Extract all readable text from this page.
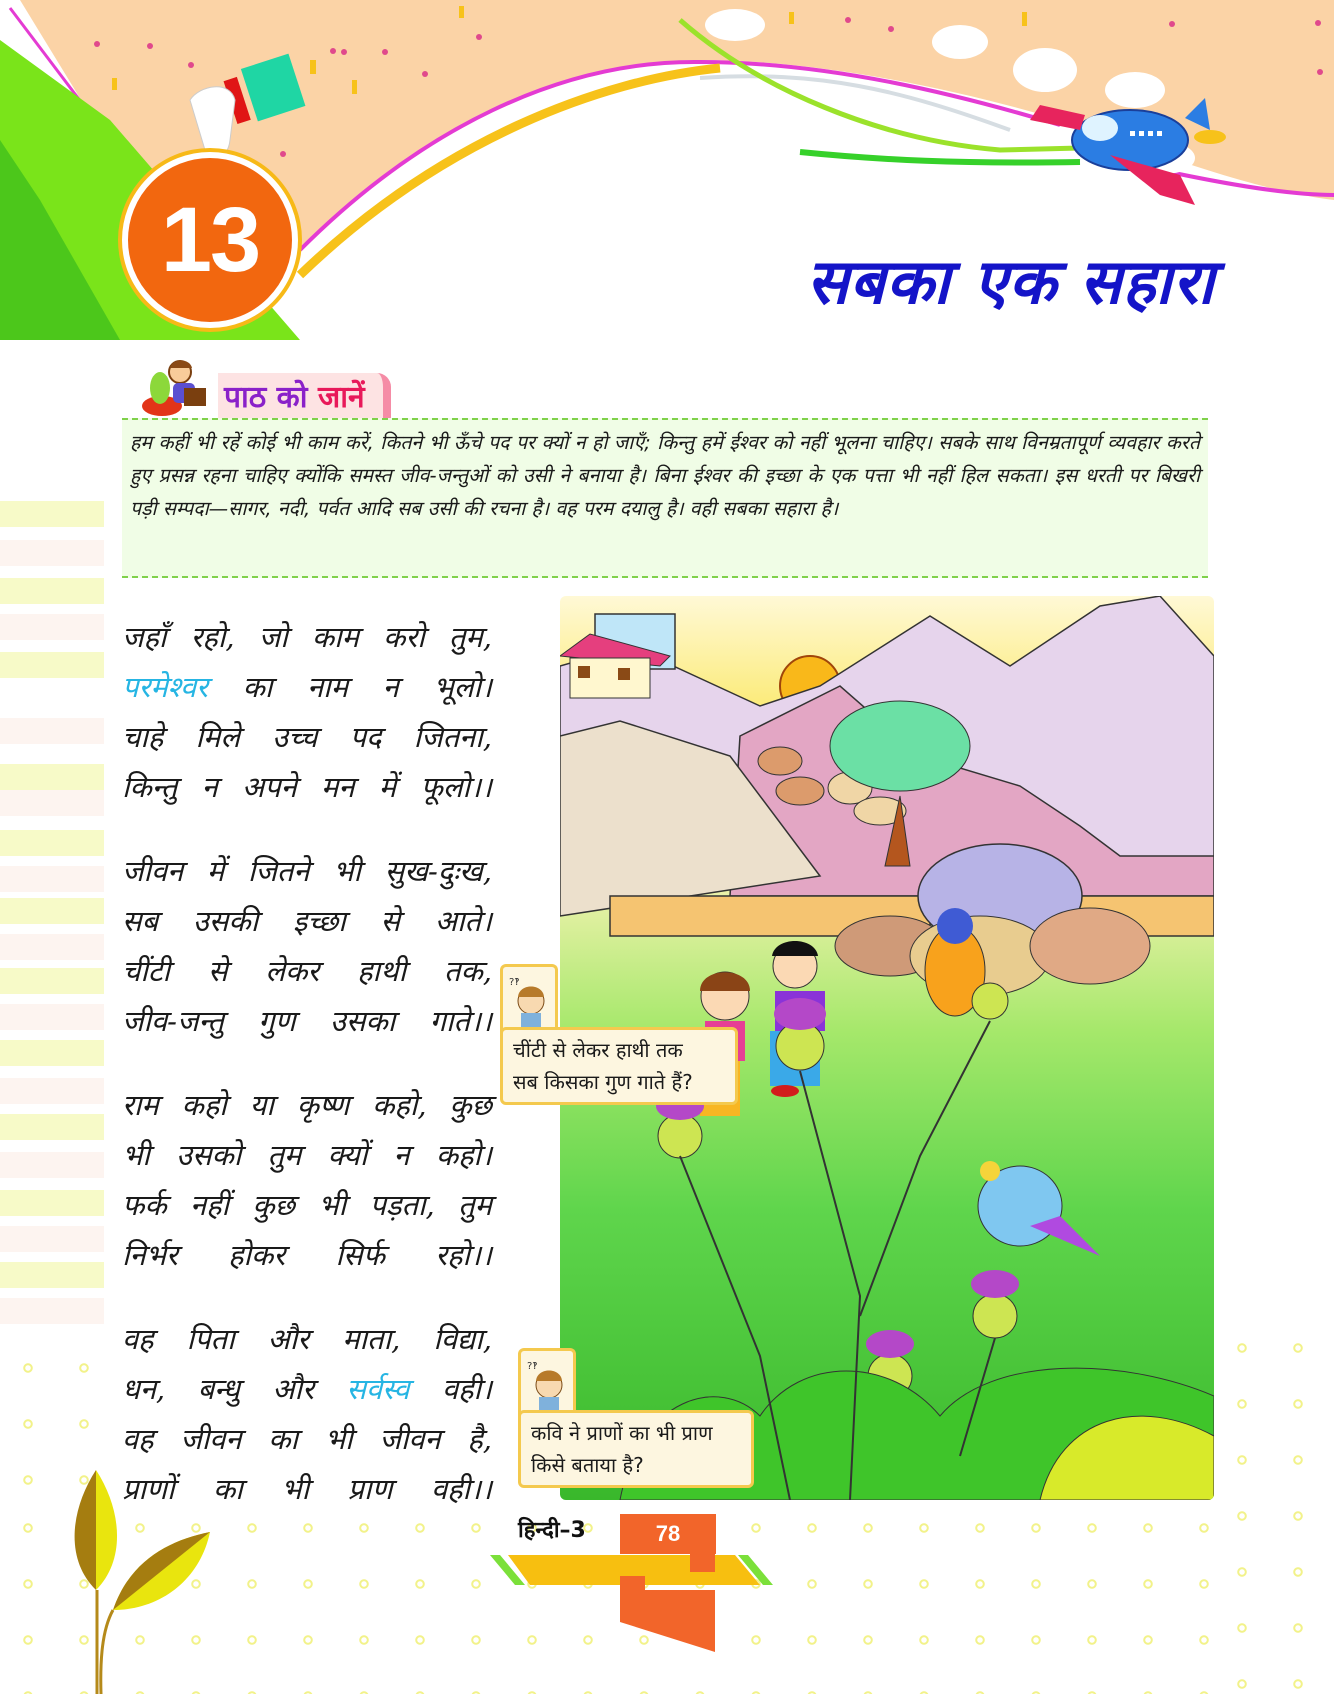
13	सबका एक सहारा
पाठ को जानें
हम कहीं भी रहें कोई भी काम करें, कितने भी ऊँचे पद पर क्यों न हो जाएँ; किन्तु हमें ईश्वर को नहीं भूलना चाहिए। सबके साथ विनम्रतापूर्ण व्यवहार करते हुए प्रसन्न रहना चाहिए क्योंकि समस्त जीव-जन्तुओं को उसी ने बनाया है। बिना ईश्वर की इच्छा के एक पत्ता भी नहीं हिल सकता। इस धरती पर बिखरी पड़ी सम्पदा—सागर, नदी, पर्वत आदि सब उसी की रचना है। वह परम दयालु है। वही सबका सहारा है।
जहाँ रहो, जो काम करो तुम,
परमेश्वर का नाम न भूलो।
चाहे मिले उच्च पद जितना,
किन्तु न अपने मन में फूलो।।
जीवन में जितने भी सुख-दुःख,
सब उसकी इच्छा से आते।
चींटी से लेकर हाथी तक,
जीव-जन्तु गुण उसका गाते।।
राम कहो या कृष्ण कहो, कुछ
भी उसको तुम क्यों न कहो।
फर्क नहीं कुछ भी पड़ता, तुम
निर्भर होकर सिर्फ रहो।।
वह पिता और माता, विद्या,
धन, बन्धु और सर्वस्व वही।
वह जीवन का भी जीवन है,
प्राणों का भी प्राण वही।।
?‽
चींटी से लेकर हाथी तक
सब किसका गुण गाते हैं?
?‽
कवि ने प्राणों का भी प्राण
किसे बताया है?
हिन्दी–3	78
